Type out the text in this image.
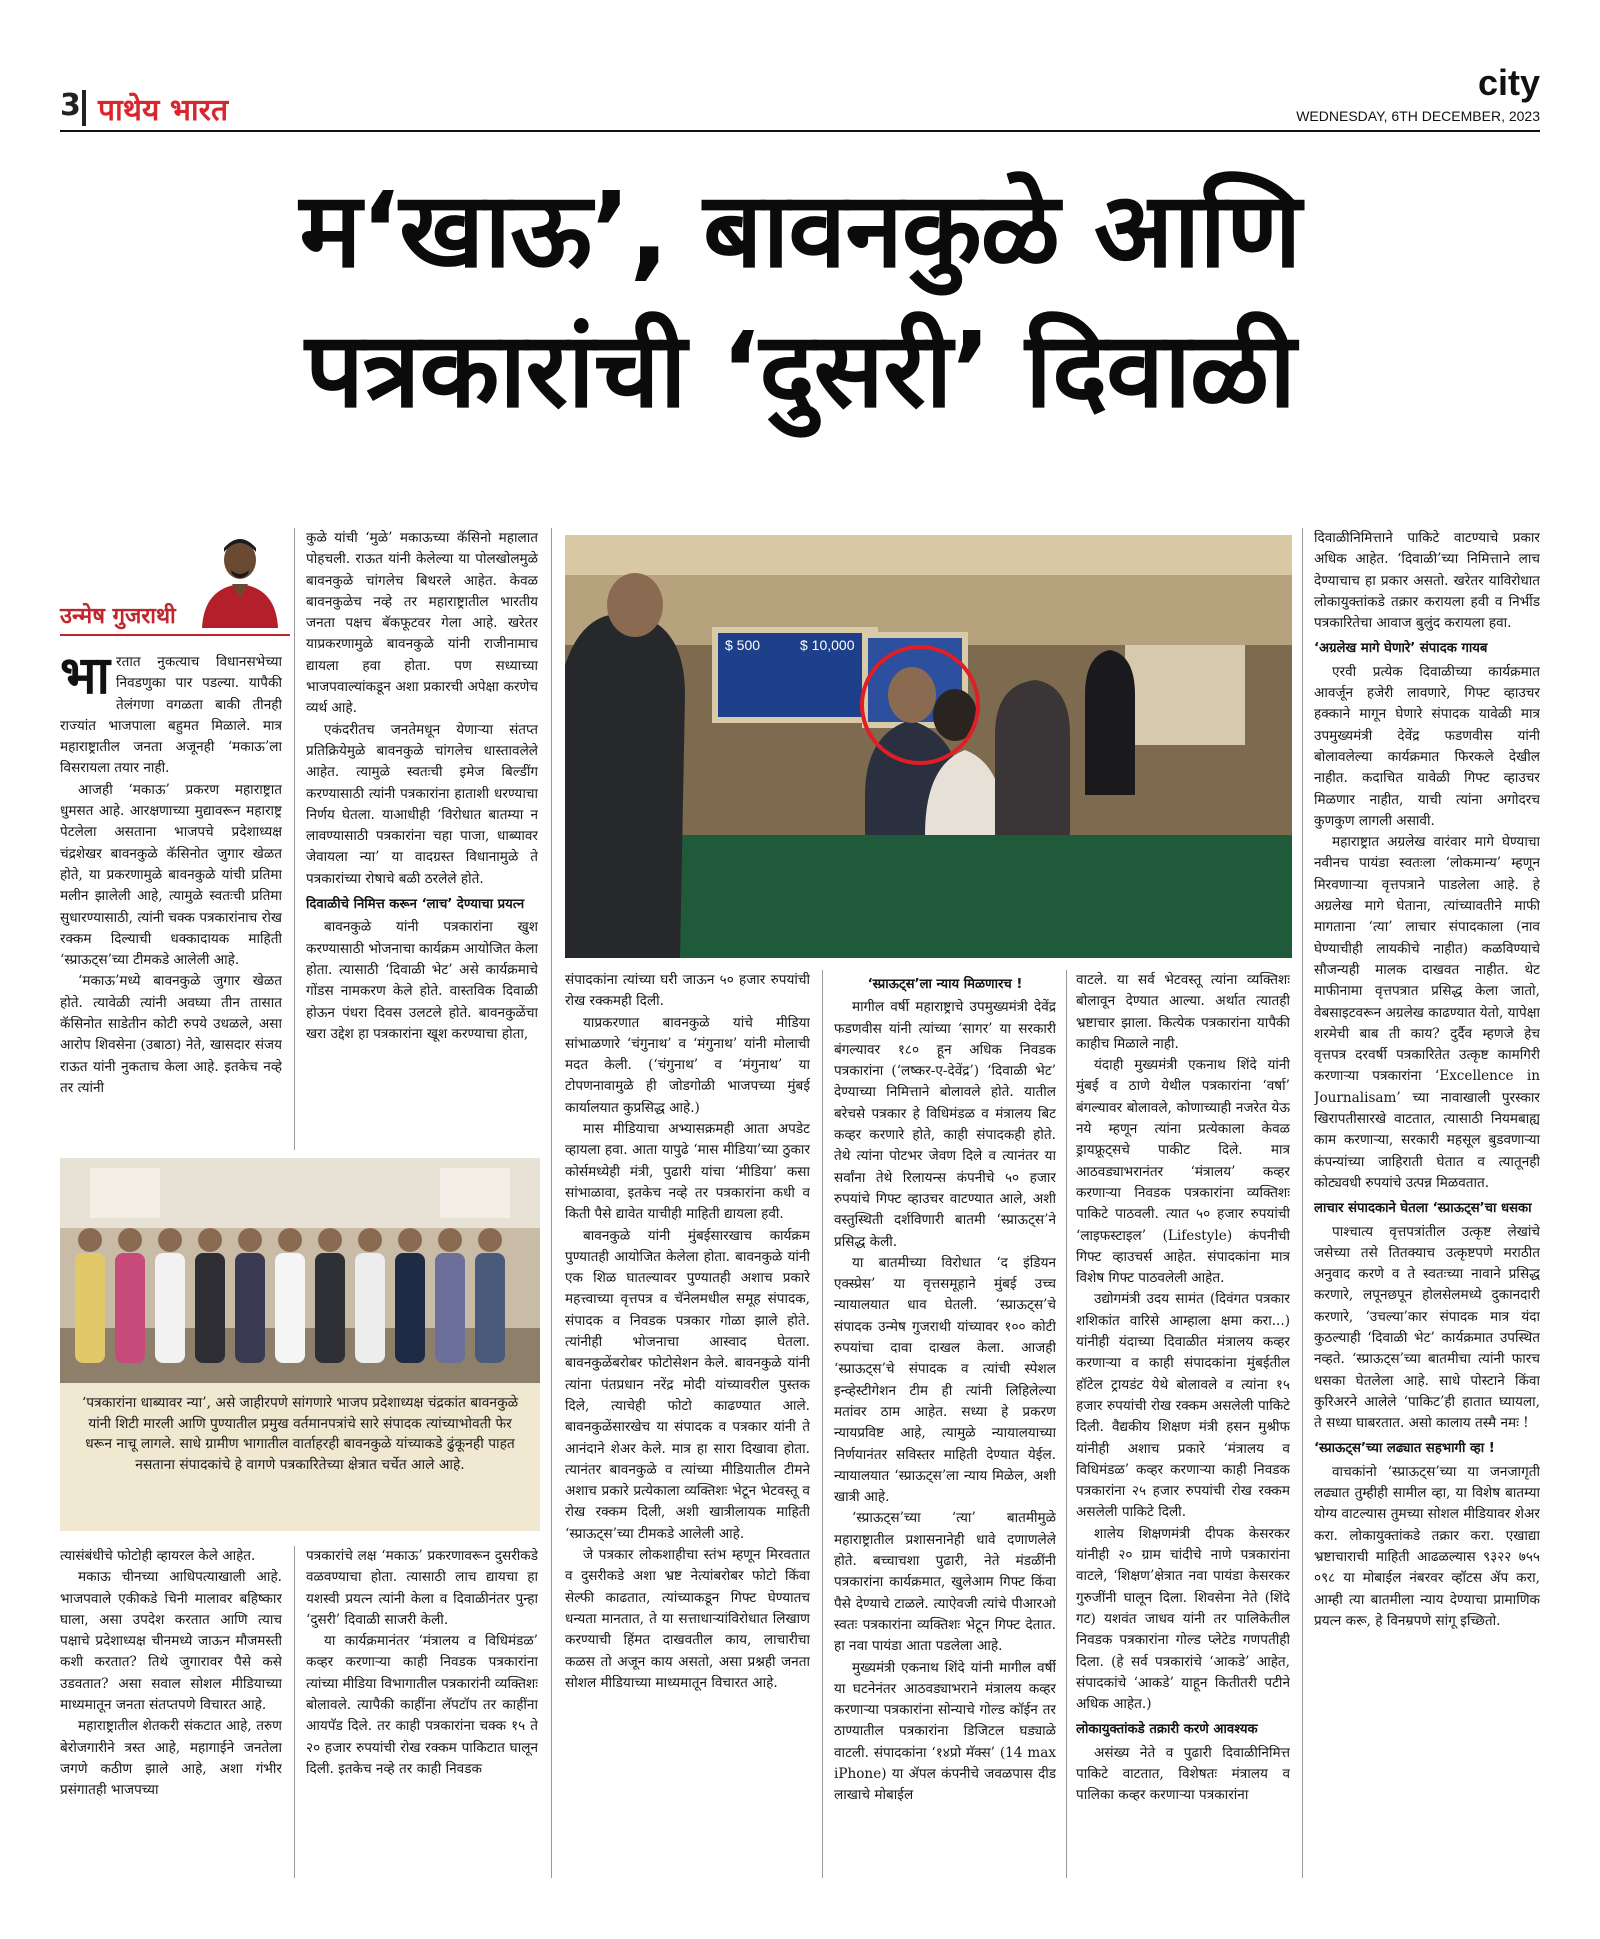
3 पाथेय भारत
city
WEDNESDAY, 6TH DECEMBER, 2023
म‘खाऊ’, बावनकुळे आणि
पत्रकारांची ‘दुसरी’ दिवाळी
उन्मेष गुजराथी

भारतात नुकत्याच विधानसभेच्या निवडणुका पार पडल्या. यापैकी तेलंगणा वगळता बाकी तीनही राज्यांत भाजपाला बहुमत मिळाले. मात्र महाराष्ट्रातील जनता अजूनही ‘मकाऊ’ला विसरायला तयार नाही.

आजही ‘मकाऊ’ प्रकरण महाराष्ट्रात धुमसत आहे. आरक्षणाच्या मुद्यावरून महाराष्ट्र पेटलेला असताना भाजपचे प्रदेशाध्यक्ष चंद्रशेखर बावनकुळे कॅसिनोत जुगार खेळत होते, या प्रकरणामुळे बावनकुळे यांची प्रतिमा मलीन झालेली आहे, त्यामुळे स्वतःची प्रतिमा सुधारण्यासाठी, त्यांनी चक्क पत्रकारांनाच रोख रक्कम दिल्याची धक्कादायक माहिती ‘स्प्राऊट्स’च्या टीमकडे आलेली आहे.

‘मकाऊ’मध्ये बावनकुळे जुगार खेळत होते. त्यावेळी त्यांनी अवघ्या तीन तासात कॅसिनोत साडेतीन कोटी रुपये उधळले, असा आरोप शिवसेना (उबाठा) नेते, खासदार संजय राऊत यांनी नुकताच केला आहे. इतकेच नव्हे तर त्यांनी

कुळे यांची ‘मुळे’ मकाऊच्या कॅसिनो महालात पोहचली. राऊत यांनी केलेल्या या पोलखोलमुळे बावनकुळे चांगलेच बिथरले आहेत. केवळ बावनकुळेच नव्हे तर महाराष्ट्रातील भारतीय जनता पक्षच बॅकफूटवर गेला आहे. खरेतर याप्रकरणामुळे बावनकुळे यांनी राजीनामाच द्यायला हवा होता. पण सध्याच्या भाजपवाल्यांकडून अशा प्रकारची अपेक्षा करणेच व्यर्थ आहे.

एकंदरीतच जनतेमधून येणाऱ्या संतप्त प्रतिक्रियेमुळे बावनकुळे चांगलेच धास्तावलेले आहेत. त्यामुळे स्वतःची इमेज बिल्डींग करण्यासाठी त्यांनी पत्रकारांना हाताशी धरण्याचा निर्णय घेतला. याआधीही ‘विरोधात बातम्या न लावण्यासाठी पत्रकारांना चहा पाजा, धाब्यावर जेवायला न्या’ या वादग्रस्त विधानामुळे ते पत्रकारांच्या रोषाचे बळी ठरलेले होते.

दिवाळीचे निमित्त करून ‘लाच’ देण्याचा प्रयत्न

बावनकुळे यांनी पत्रकारांना खुश करण्यासाठी भोजनाचा कार्यक्रम आयोजित केला होता. त्यासाठी ‘दिवाळी भेट’ असे कार्यक्रमाचे गोंडस नामकरण केले होते. वास्तविक दिवाळी होऊन पंधरा दिवस उलटले होते. बावनकुळेंचा खरा उद्देश हा पत्रकारांना खूश करण्याचा होता,

‘पत्रकारांना धाब्यावर न्या’, असे जाहीरपणे सांगणारे भाजप प्रदेशाध्यक्ष चंद्रकांत बावनकुळे यांनी शिटी मारली आणि पुण्यातील प्रमुख वर्तमानपत्रांचे सारे संपादक त्यांच्याभोवती फेर धरून नाचू लागले. साधे ग्रामीण भागातील वार्ताहरही बावनकुळे यांच्याकडे ढुंकूनही पाहत नसताना संपादकांचे हे वागणे पत्रकारितेच्या क्षेत्रात चर्चेत आले आहे.

त्यासंबंधीचे फोटोही व्हायरल केले आहेत.

मकाऊ चीनच्या आधिपत्याखाली आहे. भाजपवाले एकीकडे चिनी मालावर बहिष्कार घाला, असा उपदेश करतात आणि त्याच पक्षाचे प्रदेशाध्यक्ष चीनमध्ये जाऊन मौजमस्ती कशी करतात? तिथे जुगारावर पैसे कसे उडवतात? असा सवाल सोशल मीडियाच्या माध्यमातून जनता संतप्तपणे विचारत आहे.

महाराष्ट्रातील शेतकरी संकटात आहे, तरुण बेरोजगारीने त्रस्त आहे, महागाईने जनतेला जगणे कठीण झाले आहे, अशा गंभीर प्रसंगातही भाजपच्या

पत्रकारांचे लक्ष ‘मकाऊ’ प्रकरणावरून दुसरीकडे वळवण्याचा होता. त्यासाठी लाच द्यायचा हा यशस्वी प्रयत्न त्यांनी केला व दिवाळीनंतर पुन्हा ‘दुसरी’ दिवाळी साजरी केली.

या कार्यक्रमानंतर ‘मंत्रालय व विधिमंडळ’ कव्हर करणाऱ्या काही निवडक पत्रकारांना त्यांच्या मीडिया विभागातील पत्रकारांनी व्यक्तिशः बोलावले. त्यापैकी काहींना लॅपटॉप तर काहींना आयपॅड दिले. तर काही पत्रकारांना चक्क १५ ते २० हजार रुपयांची रोख रक्कम पाकिटात घालून दिली. इतकेच नव्हे तर काही निवडक

$ 500	$ 10,000

संपादकांना त्यांच्या घरी जाऊन ५० हजार रुपयांची रोख रक्कमही दिली.

याप्रकरणात बावनकुळे यांचे मीडिया सांभाळणारे ‘चंगुनाथ’ व ‘मंगुनाथ’ यांनी मोलाची मदत केली. (‘चंगुनाथ’ व ‘मंगुनाथ’ या टोपणनावामुळे ही जोडगोळी भाजपच्या मुंबई कार्यालयात कुप्रसिद्ध आहे.)

मास मीडियाचा अभ्यासक्रमही आता अपडेट व्हायला हवा. आता यापुढे ‘मास मीडिया’च्या ठुकार कोर्समध्येही मंत्री, पुढारी यांचा ‘मीडिया’ कसा सांभाळावा, इतकेच नव्हे तर पत्रकारांना कधी व किती पैसे द्यावेत याचीही माहिती द्यायला हवी.

बावनकुळे यांनी मुंबईसारखाच कार्यक्रम पुण्यातही आयोजित केलेला होता. बावनकुळे यांनी एक शिळ घातल्यावर पुण्यातही अशाच प्रकारे महत्त्वाच्या वृत्तपत्र व चॅनेलमधील समूह संपादक, संपादक व निवडक पत्रकार गोळा झाले होते. त्यांनीही भोजनाचा आस्वाद घेतला. बावनकुळेंबरोबर फोटोसेशन केले. बावनकुळे यांनी त्यांना पंतप्रधान नरेंद्र मोदी यांच्यावरील पुस्तक दिले, त्याचेही फोटो काढण्यात आले. बावनकुळेंसारखेच या संपादक व पत्रकार यांनी ते आनंदाने शेअर केले. मात्र हा सारा दिखावा होता. त्यानंतर बावनकुळे व त्यांच्या मीडियातील टीमने अशाच प्रकारे प्रत्येकाला व्यक्तिशः भेटून भेटवस्तू व रोख रक्कम दिली, अशी खात्रीलायक माहिती ‘स्प्राऊट्स’च्या टीमकडे आलेली आहे.

जे पत्रकार लोकशाहीचा स्तंभ म्हणून मिरवतात व दुसरीकडे अशा भ्रष्ट नेत्यांबरोबर फोटो किंवा सेल्फी काढतात, त्यांच्याकडून गिफ्ट घेण्यातच धन्यता मानतात, ते या सत्ताधाऱ्यांविरोधात लिखाण करण्याची हिंमत दाखवतील काय, लाचारीचा कळस तो अजून काय असतो, असा प्रश्नही जनता सोशल मीडियाच्या माध्यमातून विचारत आहे.

‘स्प्राऊट्स’ला न्याय मिळणारच !

मागील वर्षी महाराष्ट्राचे उपमुख्यमंत्री देवेंद्र फडणवीस यांनी त्यांच्या ‘सागर’ या सरकारी बंगल्यावर १८० हून अधिक निवडक पत्रकारांना (‘लष्कर-ए-देवेंद्र’) ‘दिवाळी भेट’ देण्याच्या निमित्ताने बोलावले होते. यातील बरेचसे पत्रकार हे विधिमंडळ व मंत्रालय बिट कव्हर करणारे होते, काही संपादकही होते. तेथे त्यांना पोटभर जेवण दिले व त्यानंतर या सर्वांना तेथे रिलायन्स कंपनीचे ५० हजार रुपयांचे गिफ्ट व्हाउचर वाटण्यात आले, अशी वस्तुस्थिती दर्शविणारी बातमी ‘स्प्राऊट्स’ने प्रसिद्ध केली.

या बातमीच्या विरोधात ‘द इंडियन एक्स्प्रेस’ या वृत्तसमूहाने मुंबई उच्च न्यायालयात धाव घेतली. ‘स्प्राऊट्स’चे संपादक उन्मेष गुजराथी यांच्यावर १०० कोटी रुपयांचा दावा दाखल केला. आजही ‘स्प्राऊट्स’चे संपादक व त्यांची स्पेशल इन्व्हेस्टीगेशन टीम ही त्यांनी लिहिलेल्या मतांवर ठाम आहेत. सध्या हे प्रकरण न्यायप्रविष्ट आहे, त्यामुळे न्यायालयाच्या निर्णयानंतर सविस्तर माहिती देण्यात येईल. न्यायालयात ‘स्प्राऊट्स’ला न्याय मिळेल, अशी खात्री आहे.

‘स्प्राऊट्स’च्या ‘त्या’ बातमीमुळे महाराष्ट्रातील प्रशासनानेही धावे दणाणलेले होते. बच्चाचशा पुढारी, नेते मंडळींनी पत्रकारांना कार्यक्रमात, खुलेआम गिफ्ट किंवा पैसे देण्याचे टाळले. त्याऐवजी त्यांचे पीआरओ स्वतः पत्रकारांना व्यक्तिशः भेटून गिफ्ट देतात. हा नवा पायंडा आता पडलेला आहे.

मुख्यमंत्री एकनाथ शिंदे यांनी मागील वर्षी या घटनेनंतर आठवड्याभराने मंत्रालय कव्हर करणाऱ्या पत्रकारांना सोन्याचे गोल्ड कॉईन तर ठाण्यातील पत्रकारांना डिजिटल घड्याळे वाटली. संपादकांना ‘१४प्रो मॅक्स’ (14 max iPhone) या ॲपल कंपनीचे जवळपास दीड लाखाचे मोबाईल

वाटले. या सर्व भेटवस्तू त्यांना व्यक्तिशः बोलावून देण्यात आल्या. अर्थात त्यातही भ्रष्टाचार झाला. कित्येक पत्रकारांना यापैकी काहीच मिळाले नाही.

यंदाही मुख्यमंत्री एकनाथ शिंदे यांनी मुंबई व ठाणे येथील पत्रकारांना ‘वर्षा’ बंगल्यावर बोलावले, कोणाच्याही नजरेत येऊ नये म्हणून त्यांना प्रत्येकाला केवळ ड्रायफ्रूट्सचे पाकीट दिले. मात्र आठवड्याभरानंतर ‘मंत्रालय’ कव्हर करणाऱ्या निवडक पत्रकारांना व्यक्तिशः पाकिटे पाठवली. त्यात ५० हजार रुपयांची ‘लाइफस्टाइल’ (Lifestyle) कंपनीची गिफ्ट व्हाउचर्स आहेत. संपादकांना मात्र विशेष गिफ्ट पाठवलेली आहेत.

उद्योगमंत्री उदय सामंत (दिवंगत पत्रकार शशिकांत वारिसे आम्हाला क्षमा करा...) यांनीही यंदाच्या दिवाळीत मंत्रालय कव्हर करणाऱ्या व काही संपादकांना मुंबईतील हॉटेल ट्रायडंट येथे बोलावले व त्यांना १५ हजार रुपयांची रोख रक्कम असलेली पाकिटे दिली. वैद्यकीय शिक्षण मंत्री हसन मुश्रीफ यांनीही अशाच प्रकारे ‘मंत्रालय व विधिमंडळ’ कव्हर करणाऱ्या काही निवडक पत्रकारांना २५ हजार रुपयांची रोख रक्कम असलेली पाकिटे दिली.

शालेय शिक्षणमंत्री दीपक केसरकर यांनीही २० ग्राम चांदीचे नाणे पत्रकारांना वाटले, ‘शिक्षण’क्षेत्रात नवा पायंडा केसरकर गुरुजींनी घालून दिला. शिवसेना नेते (शिंदे गट) यशवंत जाधव यांनी तर पालिकेतील निवडक पत्रकारांना गोल्ड प्लेटेड गणपतीही दिला. (हे सर्व पत्रकारांचे ‘आकडे’ आहेत, संपादकांचे ‘आकडे’ याहून कितीतरी पटीने अधिक आहेत.)

लोकायुक्तांकडे तक्रारी करणे आवश्यक

असंख्य नेते व पुढारी दिवाळीनिमित्त पाकिटे वाटतात, विशेषतः मंत्रालय व पालिका कव्हर करणाऱ्या पत्रकारांना

दिवाळीनिमित्ताने पाकिटे वाटण्याचे प्रकार अधिक आहेत. ‘दिवाळी’च्या निमित्ताने लाच देण्याचाच हा प्रकार असतो. खरेतर याविरोधात लोकायुक्तांकडे तक्रार करायला हवी व निर्भीड पत्रकारितेचा आवाज बुलुंद करायला हवा.

‘अग्रलेख मागे घेणारे’ संपादक गायब

एरवी प्रत्येक दिवाळीच्या कार्यक्रमात आवर्जून हजेरी लावणारे, गिफ्ट व्हाउचर हक्काने मागून घेणारे संपादक यावेळी मात्र उपमुख्यमंत्री देवेंद्र फडणवीस यांनी बोलावलेल्या कार्यक्रमात फिरकले देखील नाहीत. कदाचित यावेळी गिफ्ट व्हाउचर मिळणार नाहीत, याची त्यांना अगोदरच कुणकुण लागली असावी.

महाराष्ट्रात अग्रलेख वारंवार मागे घेण्याचा नवीनच पायंडा स्वतःला ‘लोकमान्य’ म्हणून मिरवणाऱ्या वृत्तपत्राने पाडलेला आहे. हे अग्रलेख मागे घेताना, त्यांच्यावतीने माफी मागताना ‘त्या’ लाचार संपादकाला (नाव घेण्याचीही लायकीचे नाहीत) कळविण्याचे सौजन्यही मालक दाखवत नाहीत. थेट माफीनामा वृत्तपत्रात प्रसिद्ध केला जातो, वेबसाइटवरून अग्रलेख काढण्यात येतो, यापेक्षा शरमेची बाब ती काय? दुर्दैव म्हणजे हेच वृत्तपत्र दरवर्षी पत्रकारितेत उत्कृष्ट कामगिरी करणाऱ्या पत्रकारांना ‘Excellence in Journalisam’ च्या नावाखाली पुरस्कार खिरापतीसारखे वाटतात, त्यासाठी नियमबाह्य काम करणाऱ्या, सरकारी महसूल बुडवणाऱ्या कंपन्यांच्या जाहिराती घेतात व त्यातूनही कोट्यवधी रुपयांचे उत्पन्न मिळवतात.

लाचार संपादकाने घेतला ‘स्प्राऊट्स’चा धसका

पाश्चात्य वृत्तपत्रांतील उत्कृष्ट लेखांचे जसेच्या तसे तितक्याच उत्कृष्टपणे मराठीत अनुवाद करणे व ते स्वतःच्या नावाने प्रसिद्ध करणारे, लपूनछपून होलसेलमध्ये दुकानदारी करणारे, ‘उचल्या’कार संपादक मात्र यंदा कुठल्याही ‘दिवाळी भेट’ कार्यक्रमात उपस्थित नव्हते. ‘स्प्राऊट्स’च्या बातमीचा त्यांनी फारच धसका घेतलेला आहे. साधे पोस्टाने किंवा कुरिअरने आलेले ‘पाकिट’ही हातात घ्यायला, ते सध्या घाबरतात. असो कालाय तस्मै नमः !

‘स्प्राऊट्स’च्या लढ्यात सहभागी व्हा !

वाचकांनो ‘स्प्राऊट्स’च्या या जनजागृती लढ्यात तुम्हीही सामील व्हा, या विशेष बातम्या योग्य वाटल्यास तुमच्या सोशल मीडियावर शेअर करा. लोकायुक्तांकडे तक्रार करा. एखाद्या भ्रष्टाचाराची माहिती आढळल्यास ९३२२ ७५५ ०९८ या मोबाईल नंबरवर व्हॉटस ॲप करा, आम्ही त्या बातमीला न्याय देण्याचा प्रामाणिक प्रयत्न करू, हे विनम्रपणे सांगू इच्छितो.
